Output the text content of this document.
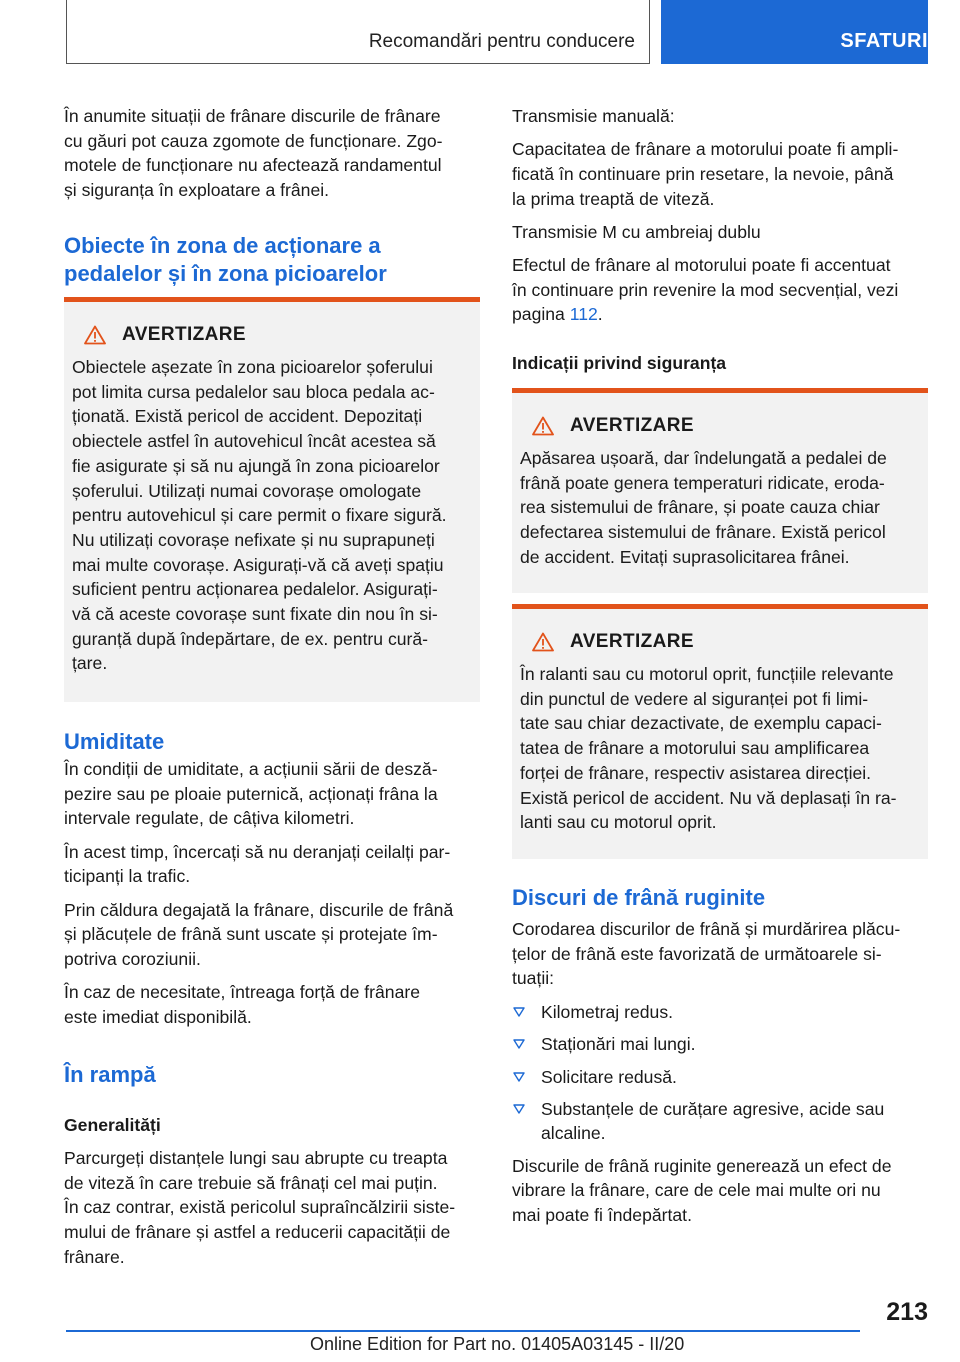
Recomandări pentru conducere	SFATURI

În anumite situații de frânare discurile de frânare
cu găuri pot cauza zgomote de funcționare. Zgo-
motele de funcționare nu afectează randamentul
și siguranța în exploatare a frânei.

Obiecte în zona de acționare a
pedalelor și în zona picioarelor
AVERTIZARE

Obiectele așezate în zona picioarelor șoferului
pot limita cursa pedalelor sau bloca pedala ac-
ționată. Există pericol de accident. Depozitați
obiectele astfel în autovehicul încât acestea să
fie asigurate și să nu ajungă în zona picioarelor
șoferului. Utilizați numai covorașe omologate
pentru autovehicul și care permit o fixare sigură.
Nu utilizați covorașe nefixate și nu suprapuneți
mai multe covorașe. Asigurați-vă că aveți spațiu
suficient pentru acționarea pedalelor. Asigurați-
vă că aceste covorașe sunt fixate din nou în si-
guranță după îndepărtare, de ex. pentru cură-
țare.

Umiditate

În condiții de umiditate, a acțiunii sării de desză-
pezire sau pe ploaie puternică, acționați frâna la
intervale regulate, de câțiva kilometri.

În acest timp, încercați să nu deranjați ceilalți par-
ticipanți la trafic.

Prin căldura degajată la frânare, discurile de frână
și plăcuțele de frână sunt uscate și protejate îm-
potriva coroziunii.

În caz de necesitate, întreaga forță de frânare
este imediat disponibilă.

În rampă
Generalități

Parcurgeți distanțele lungi sau abrupte cu treapta
de viteză în care trebuie să frânați cel mai puțin.
În caz contrar, există pericolul supraîncălzirii siste-
mului de frânare și astfel a reducerii capacității de
frânare.

Transmisie manuală:

Capacitatea de frânare a motorului poate fi ampli-
ficată în continuare prin resetare, la nevoie, până
la prima treaptă de viteză.

Transmisie M cu ambreiaj dublu

Efectul de frânare al motorului poate fi accentuat
în continuare prin revenire la mod secvențial, vezi
pagina 112.

Indicații privind siguranța
AVERTIZARE

Apăsarea ușoară, dar îndelungată a pedalei de
frână poate genera temperaturi ridicate, eroda-
rea sistemului de frânare, și poate cauza chiar
defectarea sistemului de frânare. Există pericol
de accident. Evitați suprasolicitarea frânei.

AVERTIZARE

În ralanti sau cu motorul oprit, funcțiile relevante
din punctul de vedere al siguranței pot fi limi-
tate sau chiar dezactivate, de exemplu capaci-
tatea de frânare a motorului sau amplificarea
forței de frânare, respectiv asistarea direcției.
Există pericol de accident. Nu vă deplasați în ra-
lanti sau cu motorul oprit.

Discuri de frână ruginite

Corodarea discurilor de frână și murdărirea plăcu-
țelor de frână este favorizată de următoarele si-
tuații:

Kilometraj redus.
Staționări mai lungi.
Solicitare redusă.
Substanțele de curățare agresive, acide sau
alcaline.

Discurile de frână ruginite generează un efect de
vibrare la frânare, care de cele mai multe ori nu
mai poate fi îndepărtat.

213
Online Edition for Part no. 01405A03145 - II/20
